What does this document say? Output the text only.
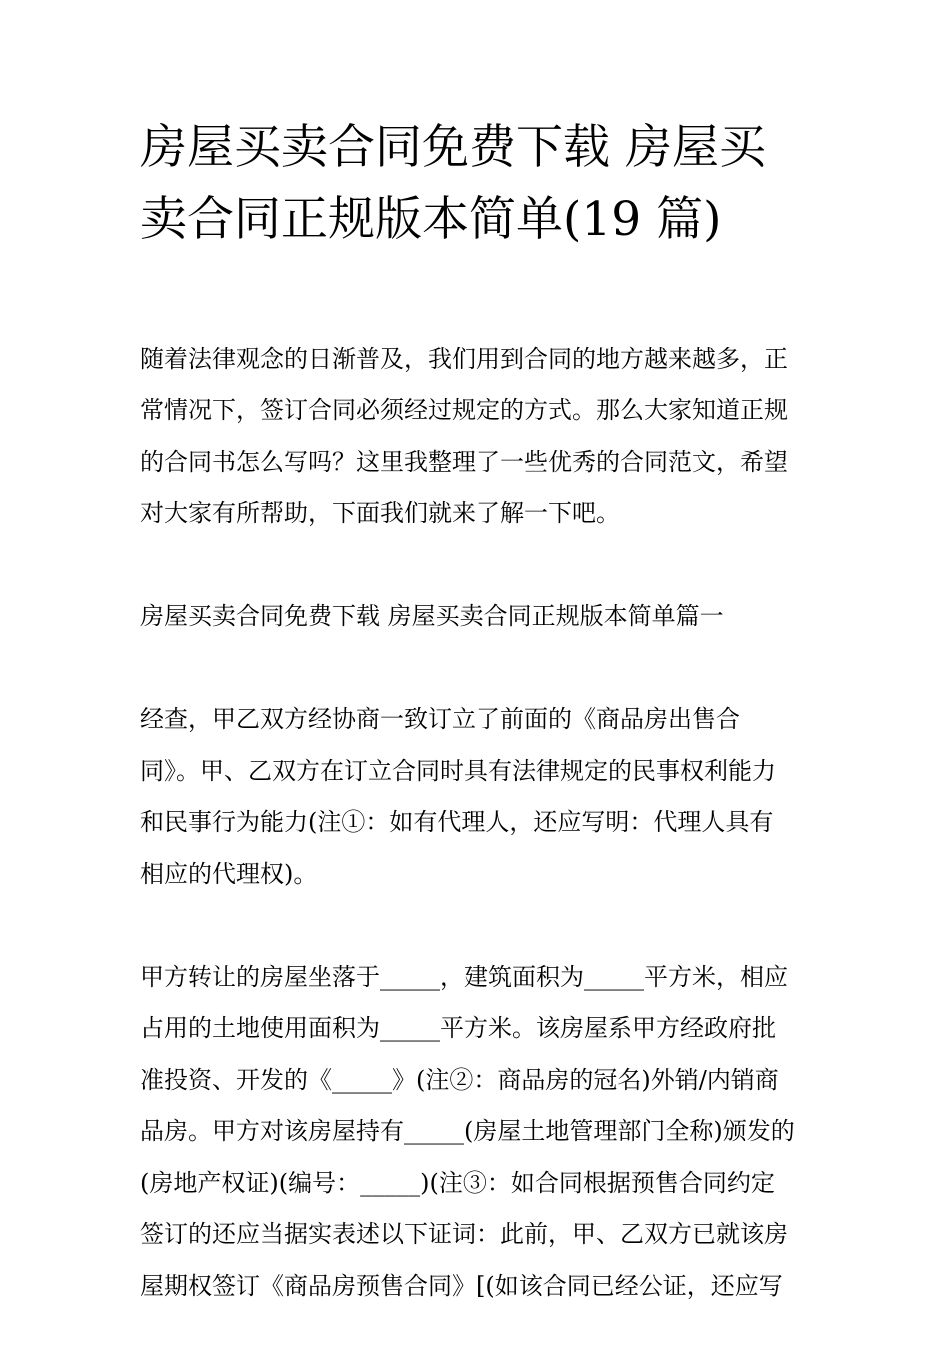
房屋买卖合同免费下载 房屋买
卖合同正规版本简单(19 篇)

随着法律观念的日渐普及，我们用到合同的地方越来越多，正
常情况下，签订合同必须经过规定的方式。那么大家知道正规
的合同书怎么写吗？这里我整理了一些优秀的合同范文，希望
对大家有所帮助，下面我们就来了解一下吧。

房屋买卖合同免费下载 房屋买卖合同正规版本简单篇一

经查，甲乙双方经协商一致订立了前面的《商品房出售合
同》。甲、乙双方在订立合同时具有法律规定的民事权利能力
和民事行为能力(注①：如有代理人，还应写明：代理人具有
相应的代理权)。

甲方转让的房屋坐落于_____，建筑面积为_____平方米，相应
占用的土地使用面积为_____平方米。该房屋系甲方经政府批
准投资、开发的《_____》(注②：商品房的冠名)外销/内销商
品房。甲方对该房屋持有_____(房屋土地管理部门全称)颁发的
(房地产权证)(编号：_____)(注③：如合同根据预售合同约定
签订的还应当据实表述以下证词：此前，甲、乙双方已就该房
屋期权签订《商品房预售合同》[(如该合同已经公证，还应写
